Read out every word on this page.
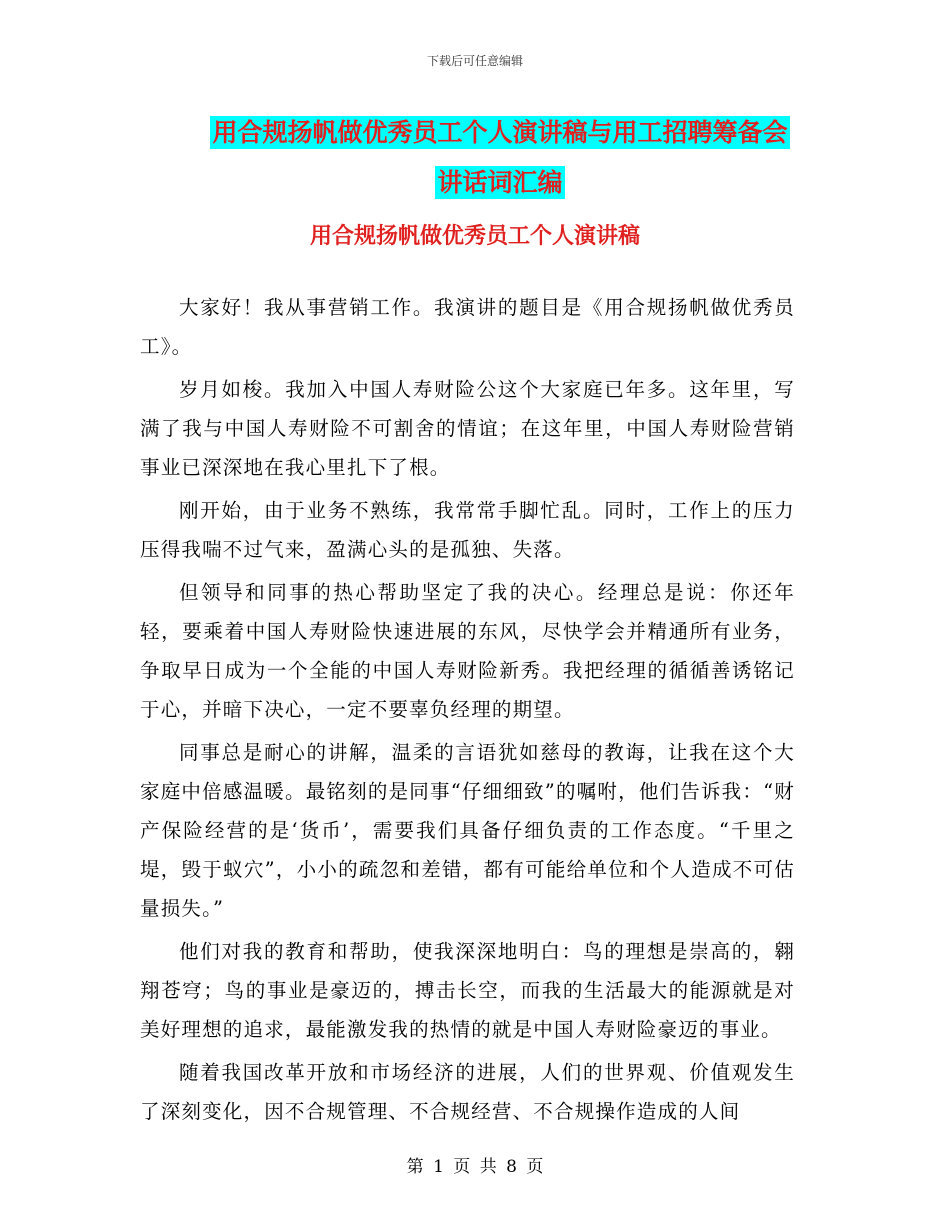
下载后可任意编辑
用合规扬帆做优秀员工个人演讲稿与用工招聘筹备会
讲话词汇编
用合规扬帆做优秀员工个人演讲稿

大家好！我从事营销工作。我演讲的题目是《用合规扬帆做优秀员工》。

岁月如梭。我加入中国人寿财险公这个大家庭已年多。这年里，写满了我与中国人寿财险不可割舍的情谊；在这年里，中国人寿财险营销事业已深深地在我心里扎下了根。

刚开始，由于业务不熟练，我常常手脚忙乱。同时，工作上的压力压得我喘不过气来，盈满心头的是孤独、失落。

但领导和同事的热心帮助坚定了我的决心。经理总是说：你还年轻，要乘着中国人寿财险快速进展的东风，尽快学会并精通所有业务，争取早日成为一个全能的中国人寿财险新秀。我把经理的循循善诱铭记于心，并暗下决心，一定不要辜负经理的期望。

同事总是耐心的讲解，温柔的言语犹如慈母的教诲，让我在这个大家庭中倍感温暖。最铭刻的是同事“仔细细致”的嘱咐，他们告诉我：“财产保险经营的是‘货币’，需要我们具备仔细负责的工作态度。“千里之堤，毁于蚁穴”，小小的疏忽和差错，都有可能给单位和个人造成不可估量损失。”

他们对我的教育和帮助，使我深深地明白：鸟的理想是崇高的，翱翔苍穹；鸟的事业是豪迈的，搏击长空，而我的生活最大的能源就是对美好理想的追求，最能激发我的热情的就是中国人寿财险豪迈的事业。

随着我国改革开放和市场经济的进展，人们的世界观、价值观发生了深刻变化，因不合规管理、不合规经营、不合规操作造成的人间

第 1 页 共 8 页
